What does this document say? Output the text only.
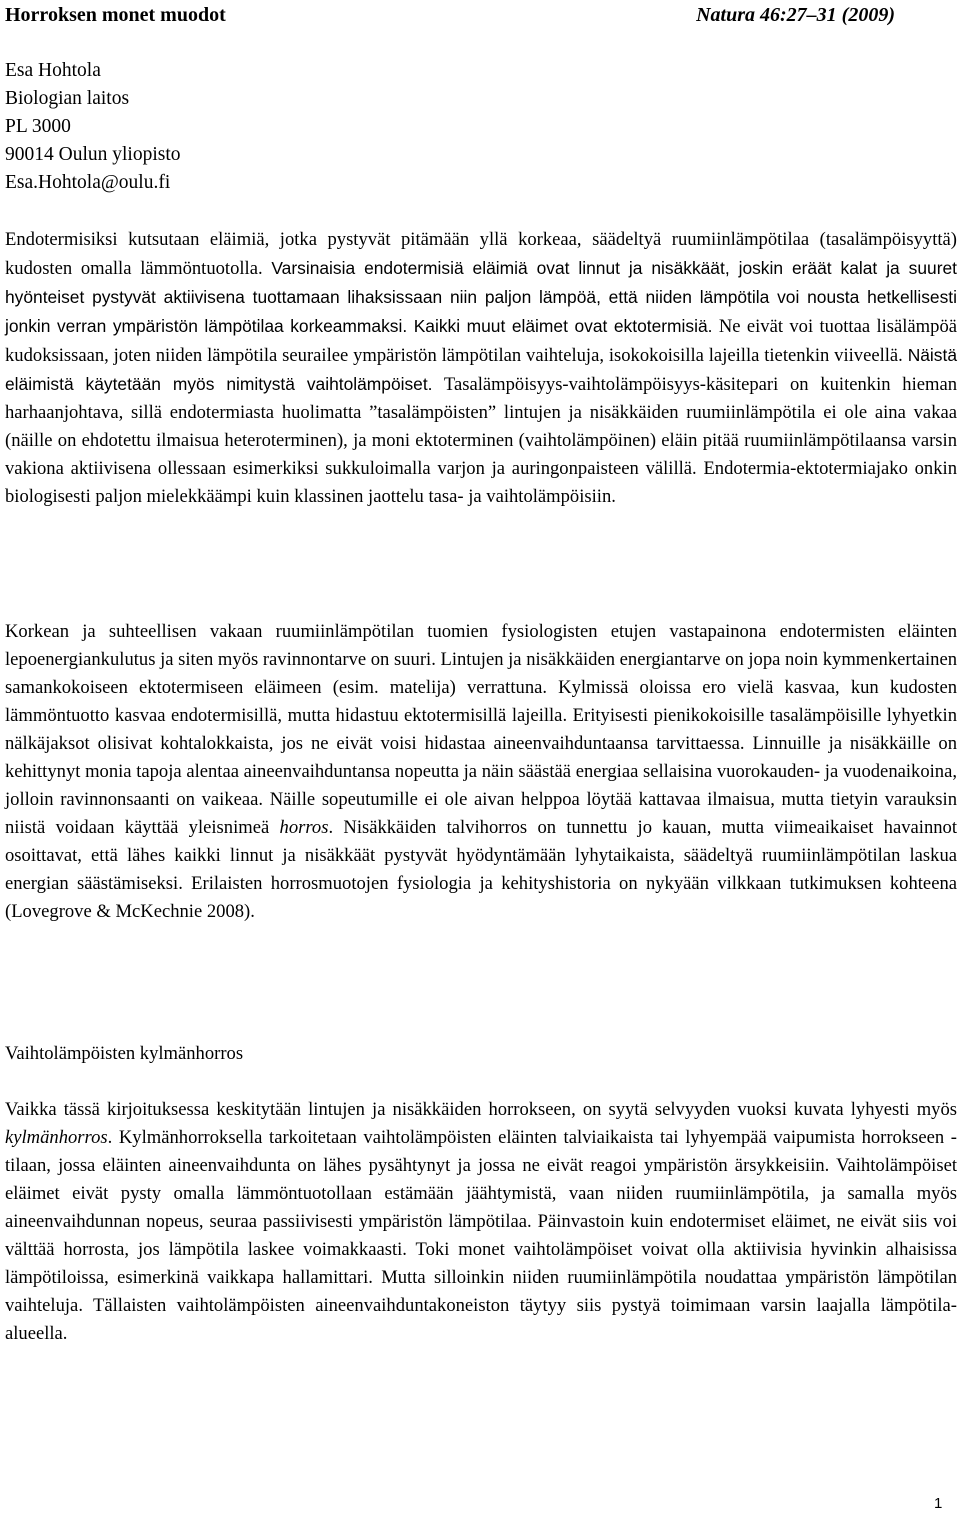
Horroksen monet muodot	Natura 46:27–31 (2009)
Esa Hohtola
Biologian laitos
PL 3000
90014 Oulun yliopisto
Esa.Hohtola@oulu.fi

Endotermisiksi kutsutaan eläimiä, jotka pystyvät pitämään yllä korkeaa, säädeltyä ruumiinlämpötilaa (tasalämpöisyyttä) kudosten omalla lämmöntuotolla. Varsinaisia endotermisiä eläimiä ovat linnut ja nisäkkäät, joskin eräät kalat ja suuret hyönteiset pystyvät aktiivisena tuottamaan lihaksissaan niin paljon lämpöä, että niiden lämpötila voi nousta hetkellisesti jonkin verran ympäristön lämpötilaa korkeammaksi. Kaikki muut eläimet ovat ektotermisiä. Ne eivät voi tuottaa lisälämpöä kudoksissaan, joten niiden lämpötila seurailee ympäristön lämpötilan vaihteluja, isokokoisilla lajeilla tietenkin viiveellä. Näistä eläimistä käytetään myös nimitystä vaihtolämpöiset. Tasalämpöisyys-vaihtolämpöisyys-käsitepari on kuitenkin hieman harhaanjohtava, sillä endotermiasta huolimatta ”tasalämpöisten” lintujen ja nisäkkäiden ruumiinlämpötila ei ole aina vakaa (näille on ehdotettu ilmaisua heteroterminen), ja moni ektoterminen (vaihtolämpöinen) eläin pitää ruumiinlämpötilaansa varsin vakiona aktiivisena ollessaan esimerkiksi sukkuloimalla varjon ja auringonpaisteen välillä. Endotermia-ektotermiajako onkin biologisesti paljon mielekkäämpi kuin klassinen jaottelu tasa- ja vaihtolämpöisiin.

Korkean ja suhteellisen vakaan ruumiinlämpötilan tuomien fysiologisten etujen vastapainona endotermisten eläinten lepoenergiankulutus ja siten myös ravinnontarve on suuri. Lintujen ja nisäkkäiden energiantarve on jopa noin kymmenkertainen samankokoiseen ektotermiseen eläimeen (esim. matelija) verrattuna. Kylmissä oloissa ero vielä kasvaa, kun kudosten lämmöntuotto kasvaa endotermisillä, mutta hidastuu ektotermisillä lajeilla. Erityisesti pienikokoisille tasalämpöisille lyhyetkin nälkäjaksot olisivat kohtalokkaista, jos ne eivät voisi hidastaa aineenvaihduntaansa tarvittaessa. Linnuille ja nisäkkäille on kehittynyt monia tapoja alentaa aineenvaihduntansa nopeutta ja näin säästää energiaa sellaisina vuorokauden- ja vuodenaikoina, jolloin ravinnonsaanti on vaikeaa. Näille sopeutumille ei ole aivan helppoa löytää kattavaa ilmaisua, mutta tietyin varauksin niistä voidaan käyttää yleisnimeä horros. Nisäkkäiden talvihorros on tunnettu jo kauan, mutta viimeaikaiset havainnot osoittavat, että lähes kaikki linnut ja nisäkkäät pystyvät hyödyntämään lyhytaikaista, säädeltyä ruumiinlämpötilan laskua energian säästämiseksi. Erilaisten horrosmuotojen fysiologia ja kehityshistoria on nykyään vilkkaan tutkimuksen kohteena (Lovegrove & McKechnie 2008).

Vaihtolämpöisten kylmänhorros

Vaikka tässä kirjoituksessa keskitytään lintujen ja nisäkkäiden horrokseen, on syytä selvyyden vuoksi kuvata lyhyesti myös kylmänhorros. Kylmänhorroksella tarkoitetaan vaihtolämpöisten eläinten talviaikaista tai lyhyempää vaipumista horrokseen - tilaan, jossa eläinten aineenvaihdunta on lähes pysähtynyt ja jossa ne eivät reagoi ympäristön ärsykkeisiin. Vaihtolämpöiset eläimet eivät pysty omalla lämmöntuotollaan estämään jäähtymistä, vaan niiden ruumiinlämpötila, ja samalla myös aineenvaihdunnan nopeus, seuraa passiivisesti ympäristön lämpötilaa. Päinvastoin kuin endotermiset eläimet, ne eivät siis voi välttää horrosta, jos lämpötila laskee voimakkaasti. Toki monet vaihtolämpöiset voivat olla aktiivisia hyvinkin alhaisissa lämpötiloissa, esimerkinä vaikkapa hallamittari. Mutta silloinkin niiden ruumiinlämpötila noudattaa ympäristön lämpötilan vaihteluja. Tällaisten vaihtolämpöisten aineenvaihduntakoneiston täytyy siis pystyä toimimaan varsin laajalla lämpötila-alueella.

1
